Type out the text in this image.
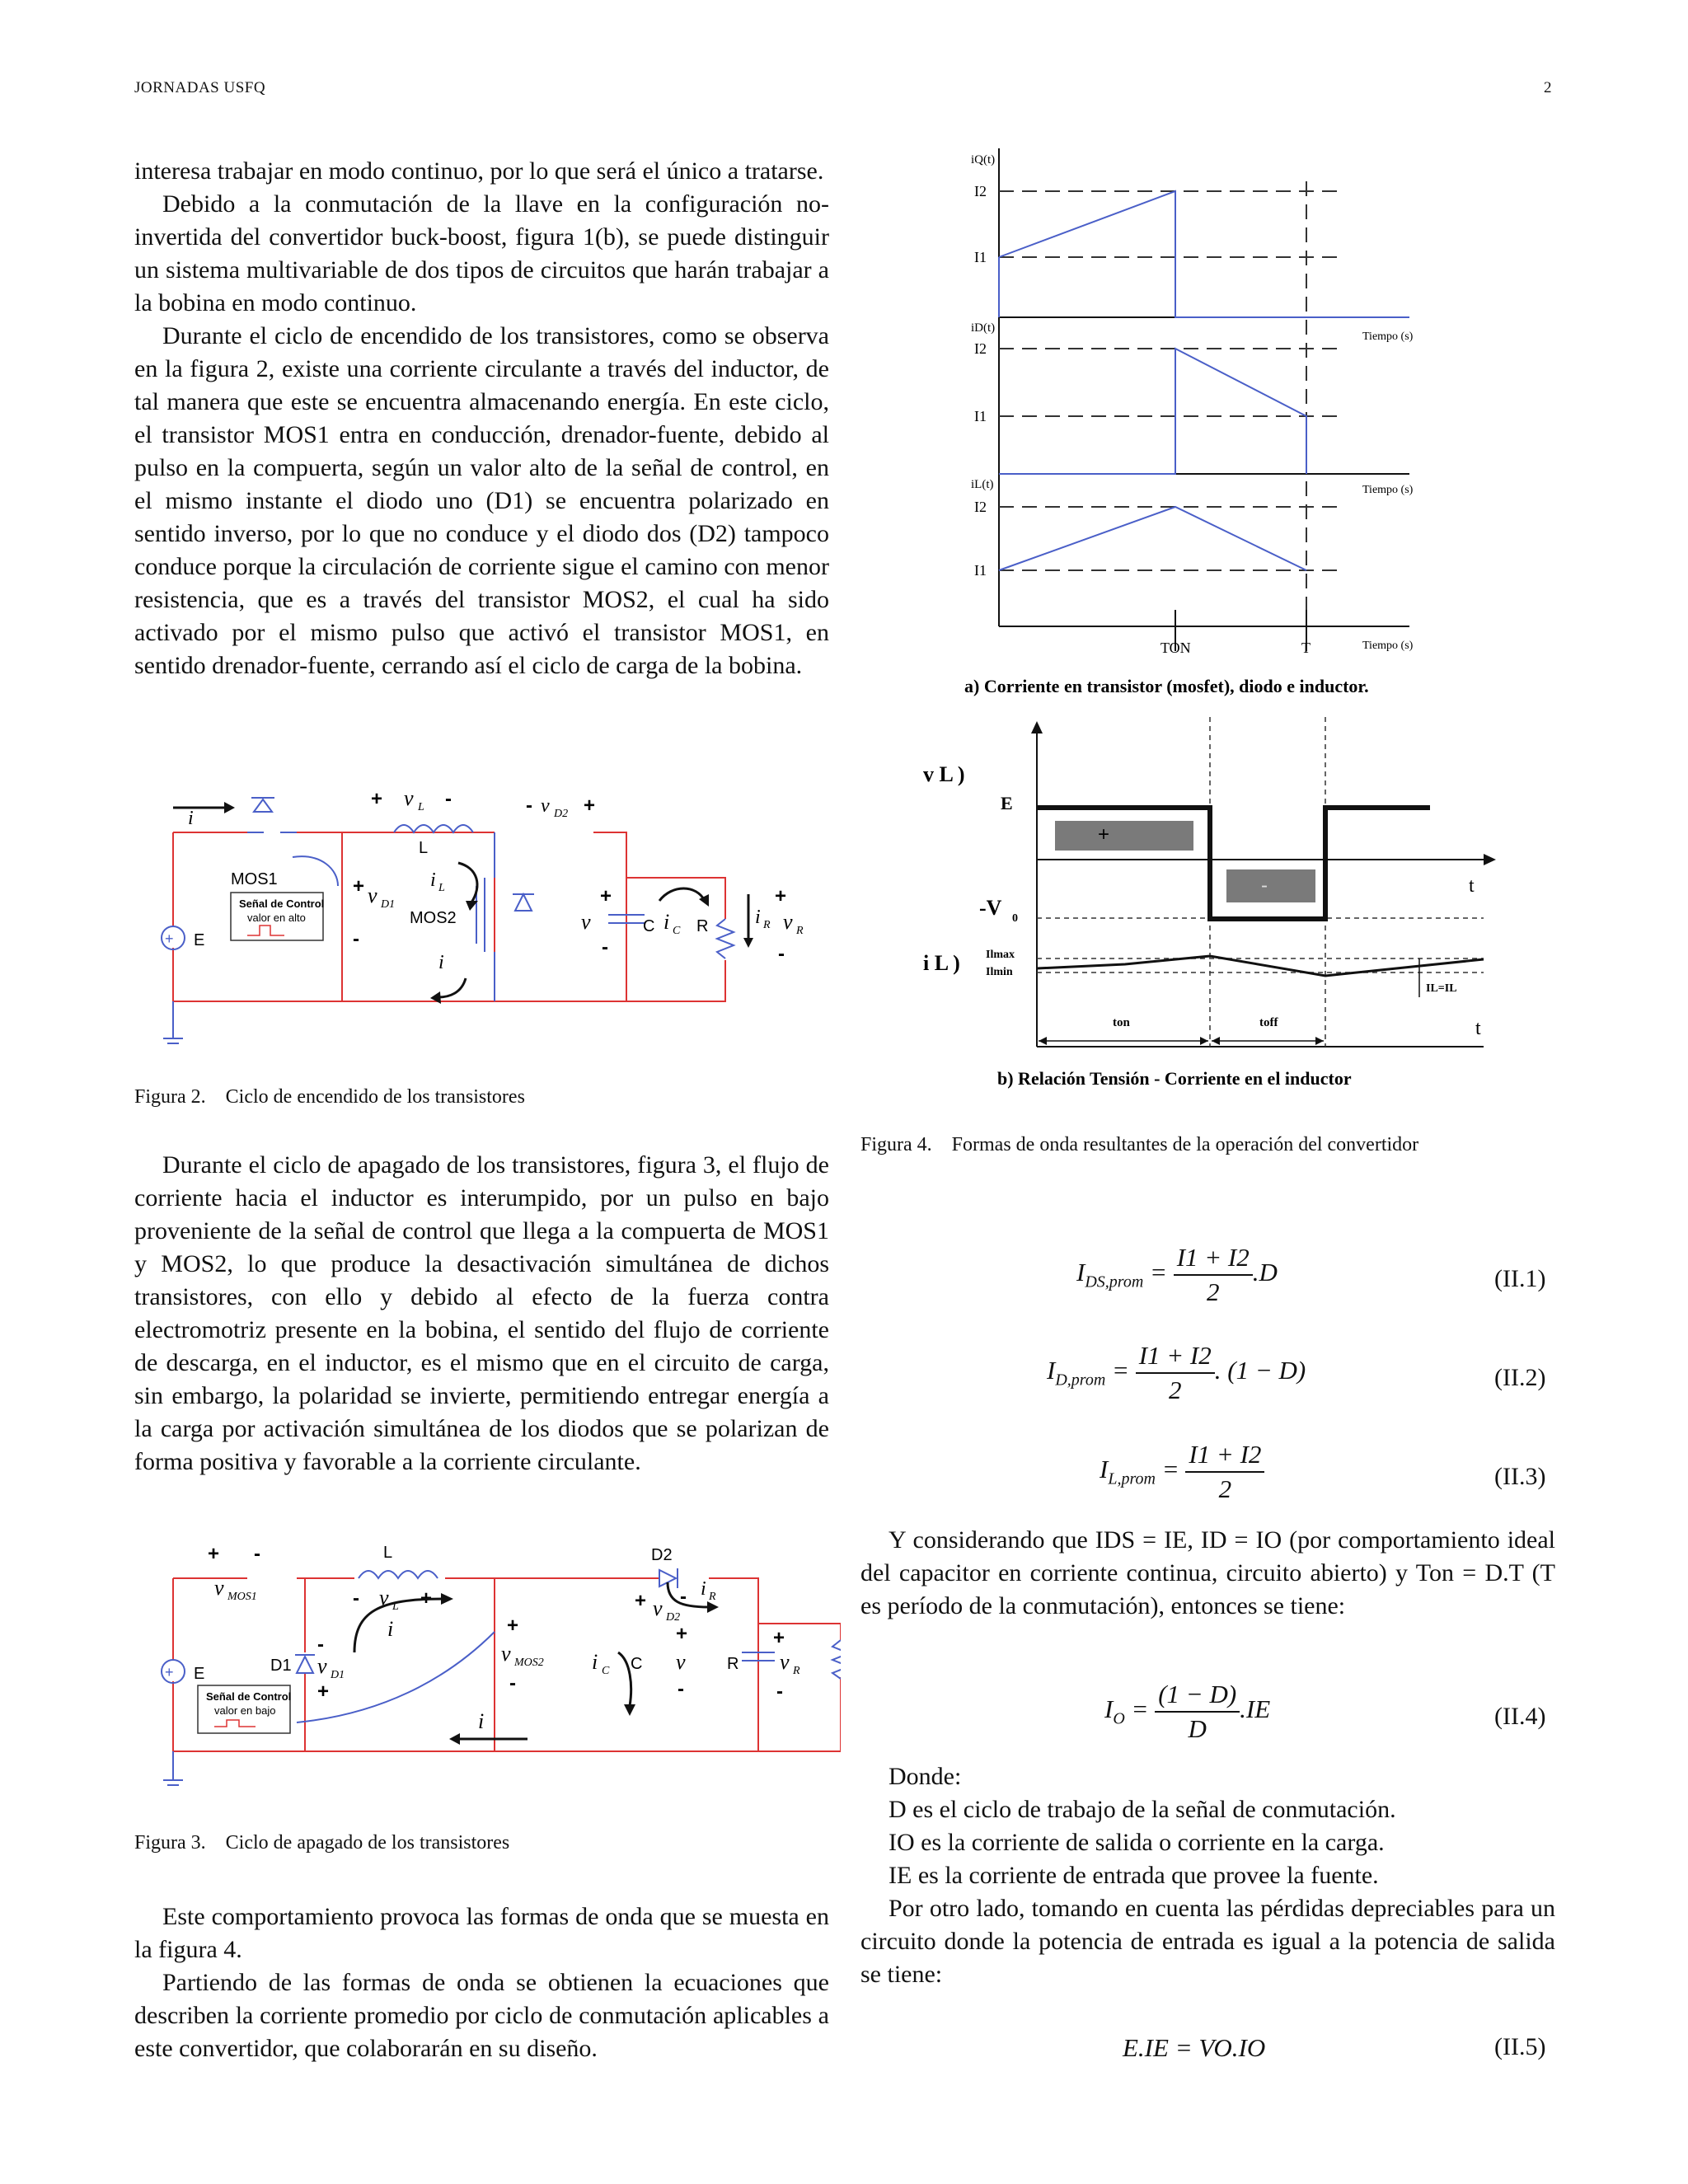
JORNADAS USFQ	2

interesa trabajar en modo continuo, por lo que será el único a tratarse.

Debido a la conmutación de la llave en la configuración no-invertida del convertidor buck-boost, figura 1(b), se puede distinguir un sistema multivariable de dos tipos de circuitos que harán trabajar a la bobina en modo continuo.

Durante el ciclo de encendido de los transistores, como se observa en la figura 2, existe una corriente circulante a través del inductor, de tal manera que este se encuentra almacenando energía. En este ciclo, el transistor MOS1 entra en conducción, drenador-fuente, debido al pulso en la compuerta, según un valor alto de la señal de control, en el mismo instante el diodo uno (D1) se encuentra polarizado en sentido inverso, por lo que no conduce y el diodo dos (D2) tampoco conduce porque la circulación de corriente sigue el camino con menor resistencia, que es a través del transistor MOS2, el cual ha sido activado por el mismo pulso que activó el transistor MOS1, en sentido drenador-fuente, cerrando así el ciclo de carga de la bobina.

+ E
i
MOS1
Señal de Control
valor en alto
+ v L -
L
- v D2 +
+ v D1
-
MOS2
i L
i
+
v
-
C i C R i R
+
v R
-
Figura 2. Ciclo de encendido de los transistores

Durante el ciclo de apagado de los transistores, figura 3, el flujo de corriente hacia el inductor es interumpido, por un pulso en bajo proveniente de la señal de control que llega a la compuerta de MOS1 y MOS2, lo que produce la desactivación simultánea de dichos transistores, con ello y debido al efecto de la fuerza contra electromotriz presente en la bobina, el sentido del flujo de corriente de descarga, en el inductor, es el mismo que en el circuito de carga, sin embargo, la polaridad se invierte, permitiendo entregar energía a la carga por activación simultánea de los diodos que se polarizan de forma positiva y favorable a la corriente circulante.

+ E
+ -
v MOS1
L
- v L +
D2
+ v D2
-
D1
-
v D1
+
Señal de Control
valor en bajo
i	+
v MOS2
-
i
i C C
+
v
-
i R
R
+
v R
-
Figura 3. Ciclo de apagado de los transistores

Este comportamiento provoca las formas de onda que se muesta en la figura 4.

Partiendo de las formas de onda se obtienen la ecuaciones que describen la corriente promedio por ciclo de conmutación aplicables a este convertidor, que colaborarán en su diseño.

iQ(t)
I2
I1
iD(t)
I2
I1
iL(t)
I2
I1
Tiempo (s)
Tiempo (s)
Tiempo (s)
TON	T
a) Corriente en transistor (mosfet), diodo e inductor.
+
-
v L )
E
-V 0
t
i L ) Ilmax
Ilmin
IL=IL
ton	toff	t
b) Relación Tensión - Corriente en el inductor
Figura 4. Formas de onda resultantes de la operación del convertidor
$I_{DS,prom} = \frac{I1 + I2}{2} .D$	(II.1)
$I_{D,prom} = \frac{I1 + I2}{2}$ . (1 − D)	(II.2)
$I_{L,prom} = \frac{I1 + I2}{2}$	(II.3)

Y considerando que IDS = IE, ID = IO (por comportamiento ideal del capacitor en corriente continua, circuito abierto) y Ton = D.T (T es período de la conmutación), entonces se tiene:

$I_O = \frac{(1 - D)}{D} .IE$	(II.4)

Donde:

D es el ciclo de trabajo de la señal de conmutación.

IO es la corriente de salida o corriente en la carga.

IE es la corriente de entrada que provee la fuente.

Por otro lado, tomando en cuenta las pérdidas depreciables para un circuito donde la potencia de entrada es igual a la potencia de salida se tiene:

E.IE = VO.IO	(II.5)
